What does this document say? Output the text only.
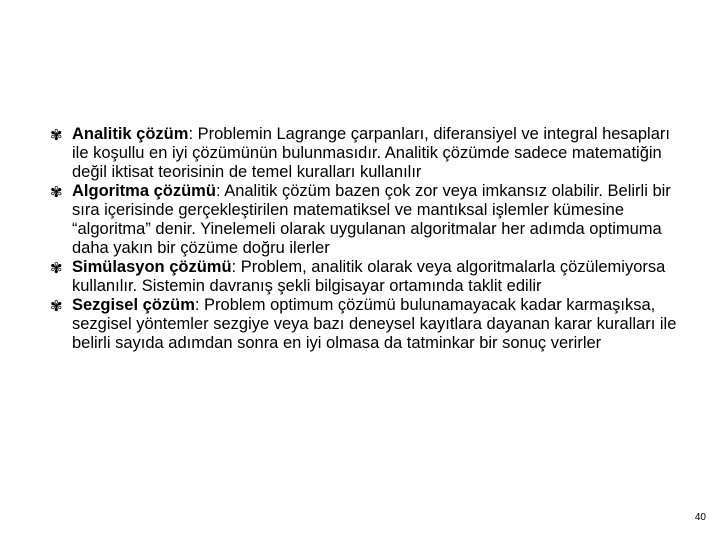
✾ Analitik çözüm: Problemin Lagrange çarpanları, diferansiyel ve integral hesapları ile koşullu en iyi çözümünün bulunmasıdır. Analitik çözümde sadece matematiğin değil iktisat teorisinin de temel kuralları kullanılır
✾ Algoritma çözümü: Analitik çözüm bazen çok zor veya imkansız olabilir. Belirli bir sıra içerisinde gerçekleştirilen matematiksel ve mantıksal işlemler kümesine “algoritma” denir. Yinelemeli olarak uygulanan algoritmalar her adımda optimuma daha yakın bir çözüme doğru ilerler
✾ Simülasyon çözümü: Problem, analitik olarak veya algoritmalarla çözülemiyorsa kullanılır. Sistemin davranış şekli bilgisayar ortamında taklit edilir
✾ Sezgisel çözüm: Problem optimum çözümü bulunamayacak kadar karmaşıksa, sezgisel yöntemler sezgiye veya bazı deneysel kayıtlara dayanan karar kuralları ile belirli sayıda adımdan sonra en iyi olmasa da tatminkar bir sonuç verirler
40
